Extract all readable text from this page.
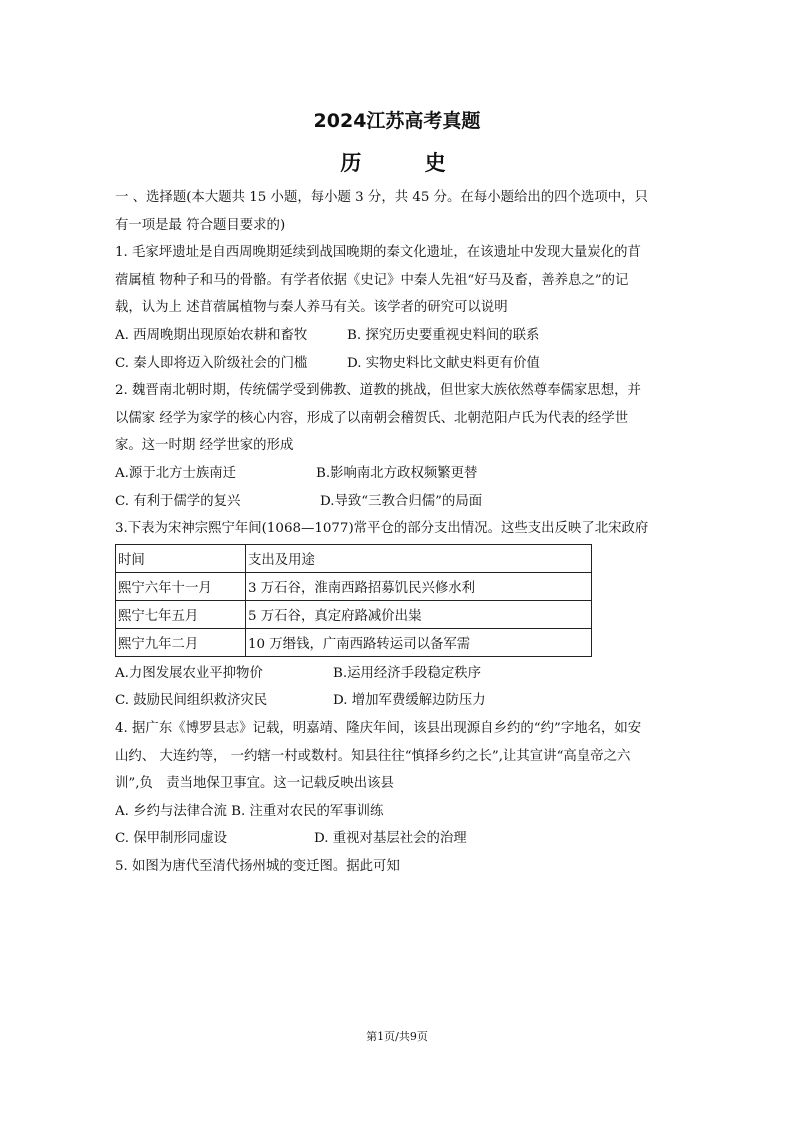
2024江苏高考真题
历 史
一 、选择题(本大题共 15 小题，每小题 3 分，共 45 分。在每小题给出的四个选项中，只
有一项是最 符合题目要求的)
1. 毛家坪遗址是自西周晚期延续到战国晚期的秦文化遗址，在该遗址中发现大量炭化的苜
蓿属植 物种子和马的骨骼。有学者依据《史记》中秦人先祖“好马及畜，善养息之”的记
载，认为上 述苜蓿属植物与秦人养马有关。该学者的研究可以说明
A. 西周晚期出现原始农耕和畜牧	B. 探究历史要重视史料间的联系
C. 秦人即将迈入阶级社会的门槛	D. 实物史料比文献史料更有价值
2. 魏晋南北朝时期，传统儒学受到佛教、道教的挑战，但世家大族依然尊奉儒家思想，并
以儒家 经学为家学的核心内容，形成了以南朝会稽贺氏、北朝范阳卢氏为代表的经学世
家。这一时期 经学世家的形成
A.源于北方士族南迁	B.影响南北方政权频繁更替
C. 有利于儒学的复兴	D.导致“三教合归儒”的局面
3.下表为宋神宗熙宁年间(1068—1077)常平仓的部分支出情况。这些支出反映了北宋政府
时间	支出及用途
熙宁六年十一月	3 万石谷，淮南西路招募饥民兴修水利
熙宁七年五月	5 万石谷，真定府路减价出粜
熙宁九年二月	10 万缗钱，广南西路转运司以备军需
A.力图发展农业平抑物价	B.运用经济手段稳定秩序
C. 鼓励民间组织救济灾民	D. 增加军费缓解边防压力
4. 据广东《博罗县志》记载，明嘉靖、隆庆年间，该县出现源自乡约的“约”字地名，如安
山约、 大连约等， 一约辖一村或数村。知县往往“慎择乡约之长”,让其宣讲“高皇帝之六
训”,负　责当地保卫事宜。这一记载反映出该县
A. 乡约与法律合流 B. 注重对农民的军事训练
C. 保甲制形同虚设	D. 重视对基层社会的治理
5. 如图为唐代至清代扬州城的变迁图。据此可知
第1页/共9页
